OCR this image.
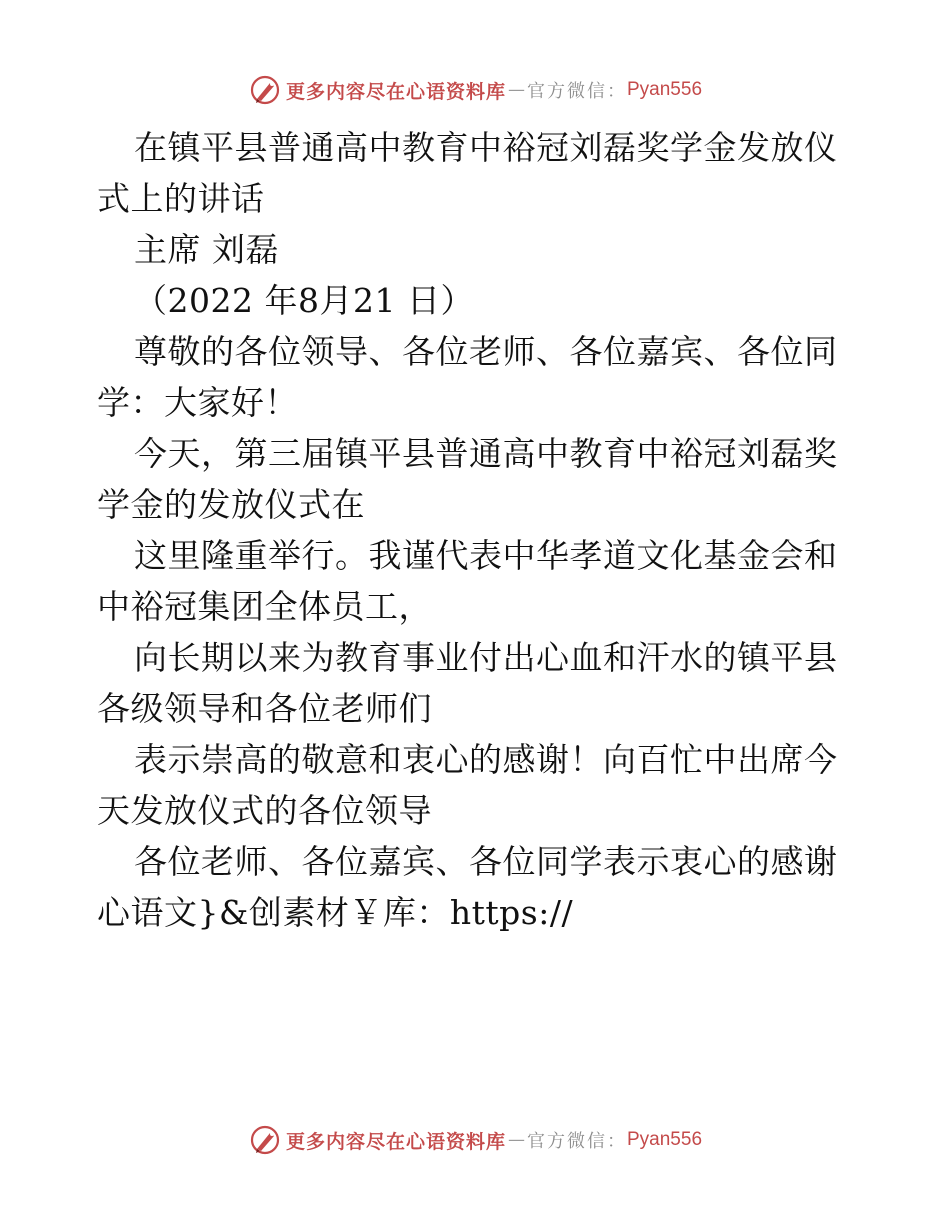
更多内容尽在心语资料库 — 官方微信： Pyan556
在镇平县普通高中教育中裕冠刘磊奖学金发放仪
式上的讲话
主席 刘磊
（2022 年8月21 日）
尊敬的各位领导、各位老师、各位嘉宾、各位同
学：大家好！
今天，第三届镇平县普通高中教育中裕冠刘磊奖
学金的发放仪式在
这里隆重举行。我谨代表中华孝道文化基金会和
中裕冠集团全体员工，
向长期以来为教育事业付出心血和汗水的镇平县
各级领导和各位老师们
表示崇高的敬意和衷心的感谢！向百忙中出席今
天发放仪式的各位领导
各位老师、各位嘉宾、各位同学表示衷心的感谢
心语文}&创素材￥库：https://
更多内容尽在心语资料库 — 官方微信： Pyan556
